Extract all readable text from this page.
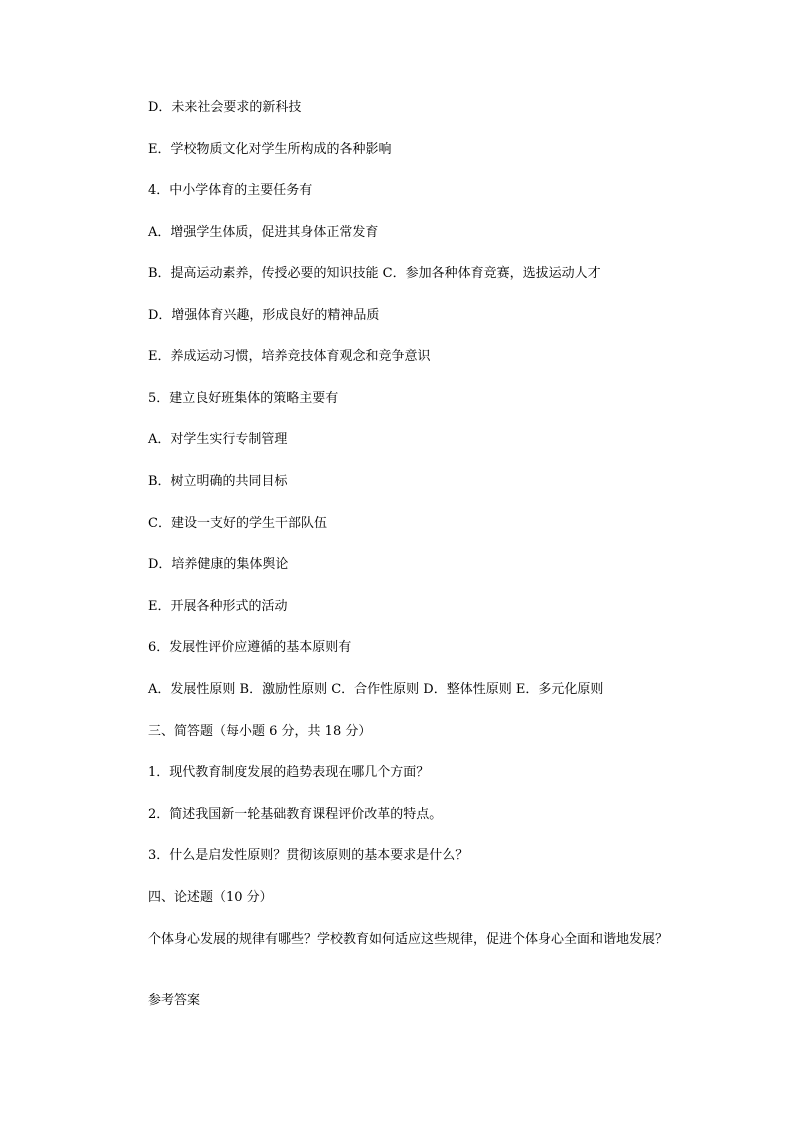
D．未来社会要求的新科技
E．学校物质文化对学生所构成的各种影响
4．中小学体育的主要任务有
A．增强学生体质，促进其身体正常发育
B．提高运动素养，传授必要的知识技能 C．参加各种体育竞赛，选拔运动人才
D．增强体育兴趣，形成良好的精神品质
E．养成运动习惯，培养竞技体育观念和竞争意识
5．建立良好班集体的策略主要有
A．对学生实行专制管理
B．树立明确的共同目标
C．建设一支好的学生干部队伍
D．培养健康的集体舆论
E．开展各种形式的活动
6．发展性评价应遵循的基本原则有
A．发展性原则 B．激励性原则 C．合作性原则 D．整体性原则 E．多元化原则
三、简答题（每小题 6 分，共 18 分）
1．现代教育制度发展的趋势表现在哪几个方面？
2．简述我国新一轮基础教育课程评价改革的特点。
3．什么是启发性原则？贯彻该原则的基本要求是什么？
四、论述题（10 分）
个体身心发展的规律有哪些？学校教育如何适应这些规律，促进个体身心全面和谐地发展？
参考答案
